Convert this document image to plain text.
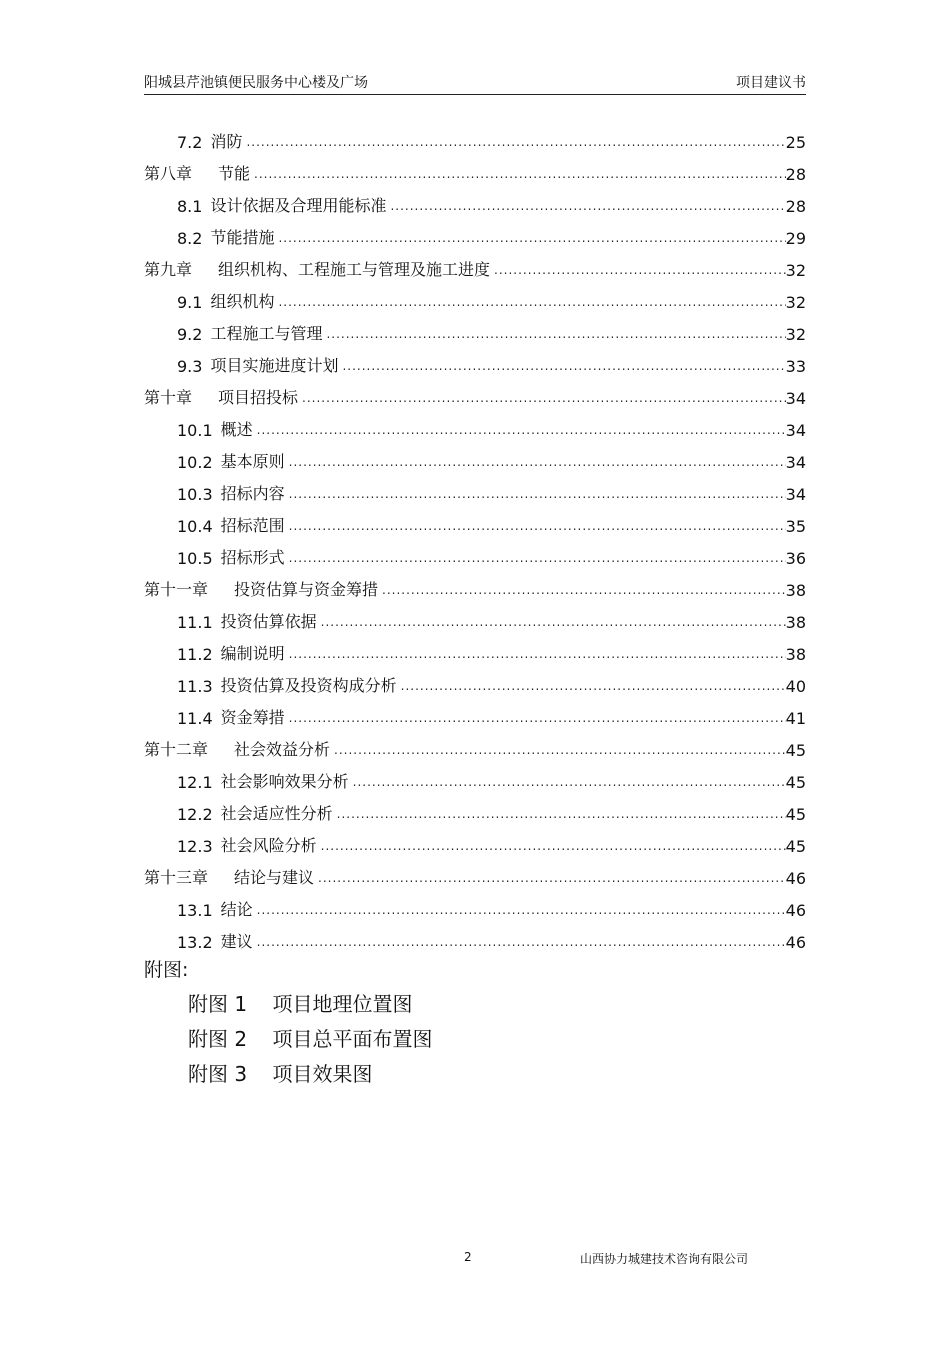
阳城县芹池镇便民服务中心楼及广场	项目建议书
7.2 消防 .....	25
第八章 节能 .....	28
8.1 设计依据及合理用能标准 .....	28
8.2 节能措施 .....	29
第九章 组织机构、工程施工与管理及施工进度 .....	32
9.1 组织机构 .....	32
9.2 工程施工与管理 .....	32
9.3 项目实施进度计划 .....	33
第十章 项目招投标 .....	34
10.1 概述 .....	34
10.2 基本原则 .....	34
10.3 招标内容 .....	34
10.4 招标范围 .....	35
10.5 招标形式 .....	36
第十一章 投资估算与资金筹措 .....	38
11.1 投资估算依据 .....	38
11.2 编制说明 .....	38
11.3 投资估算及投资构成分析 .....	40
11.4 资金筹措 .....	41
第十二章 社会效益分析 .....	45
12.1 社会影响效果分析 .....	45
12.2 社会适应性分析 .....	45
12.3 社会风险分析 .....	45
第十三章 结论与建议 .....	46
13.1 结论 .....	46
13.2 建议 .....	46
附图:
附图 1    项目地理位置图
附图 2    项目总平面布置图
附图 3    项目效果图
2	山西协力城建技术咨询有限公司
